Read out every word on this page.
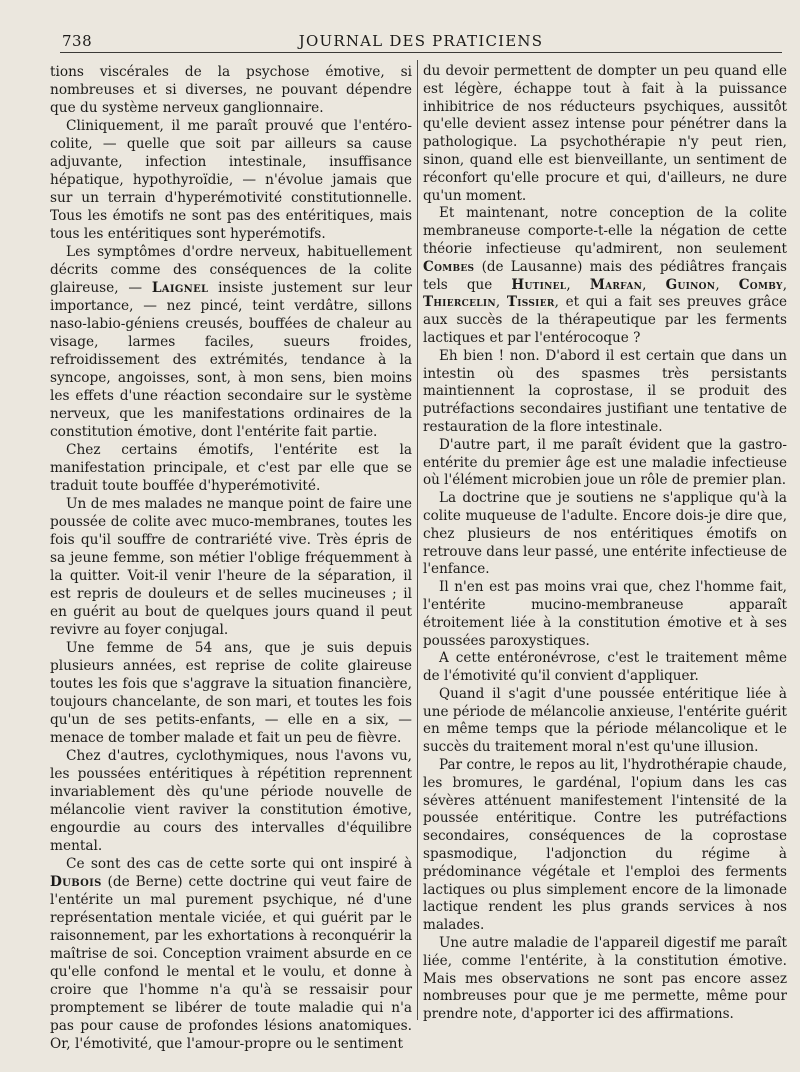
738	JOURNAL DES PRATICIENS

tions viscérales de la psychose émotive, si nombreuses et si diverses, ne pouvant dépendre que du système nerveux ganglionnaire.

Cliniquement, il me paraît prouvé que l'entéro-colite, — quelle que soit par ailleurs sa cause adjuvante, infection intestinale, insuffisance hépatique, hypothyroïdie, — n'évolue jamais que sur un terrain d'hyperémotivité constitutionnelle. Tous les émotifs ne sont pas des entéritiques, mais tous les entéritiques sont hyperémotifs.

Les symptômes d'ordre nerveux, habituellement décrits comme des conséquences de la colite glaireuse, — Laignel insiste justement sur leur importance, — nez pincé, teint verdâtre, sillons naso-labio-géniens creusés, bouffées de chaleur au visage, larmes faciles, sueurs froides, refroidissement des extrémités, tendance à la syncope, angoisses, sont, à mon sens, bien moins les effets d'une réaction secondaire sur le système nerveux, que les manifestations ordinaires de la constitution émotive, dont l'entérite fait partie.

Chez certains émotifs, l'entérite est la manifestation principale, et c'est par elle que se traduit toute bouffée d'hyperémotivité.

Un de mes malades ne manque point de faire une poussée de colite avec muco-membranes, toutes les fois qu'il souffre de contrariété vive. Très épris de sa jeune femme, son métier l'oblige fréquemment à la quitter. Voit-il venir l'heure de la séparation, il est repris de douleurs et de selles mucineuses ; il en guérit au bout de quelques jours quand il peut revivre au foyer conjugal.

Une femme de 54 ans, que je suis depuis plusieurs années, est reprise de colite glaireuse toutes les fois que s'aggrave la situation financière, toujours chancelante, de son mari, et toutes les fois qu'un de ses petits-enfants, — elle en a six, — menace de tomber malade et fait un peu de fièvre.

Chez d'autres, cyclothymiques, nous l'avons vu, les poussées entéritiques à répétition reprennent invariablement dès qu'une période nouvelle de mélancolie vient raviver la constitution émotive, engourdie au cours des intervalles d'équilibre mental.

Ce sont des cas de cette sorte qui ont inspiré à Dubois (de Berne) cette doctrine qui veut faire de l'entérite un mal purement psychique, né d'une représentation mentale viciée, et qui guérit par le raisonnement, par les exhortations à reconquérir la maîtrise de soi. Conception vraiment absurde en ce qu'elle confond le mental et le voulu, et donne à croire que l'homme n'a qu'à se ressaisir pour promptement se libérer de toute maladie qui n'a pas pour cause de profondes lésions anatomiques. Or, l'émotivité, que l'amour-propre ou le sentiment

du devoir permettent de dompter un peu quand elle est légère, échappe tout à fait à la puissance inhibitrice de nos réducteurs psychiques, aussitôt qu'elle devient assez intense pour pénétrer dans la pathologique. La psychothérapie n'y peut rien, sinon, quand elle est bienveillante, un sentiment de réconfort qu'elle procure et qui, d'ailleurs, ne dure qu'un moment.

Et maintenant, notre conception de la colite membraneuse comporte-t-elle la négation de cette théorie infectieuse qu'admirent, non seulement Combes (de Lausanne) mais des pédiâtres français tels que Hutinel, Marfan, Guinon, Comby, Thiercelin, Tissier, et qui a fait ses preuves grâce aux succès de la thérapeutique par les ferments lactiques et par l'entérocoque ?

Eh bien ! non. D'abord il est certain que dans un intestin où des spasmes très persistants maintiennent la coprostase, il se produit des putréfactions secondaires justifiant une tentative de restauration de la flore intestinale.

D'autre part, il me paraît évident que la gastro-entérite du premier âge est une maladie infectieuse où l'élément microbien joue un rôle de premier plan.

La doctrine que je soutiens ne s'applique qu'à la colite muqueuse de l'adulte. Encore dois-je dire que, chez plusieurs de nos entéritiques émotifs on retrouve dans leur passé, une entérite infectieuse de l'enfance.

Il n'en est pas moins vrai que, chez l'homme fait, l'entérite mucino-membraneuse apparaît étroitement liée à la constitution émotive et à ses poussées paroxystiques.

A cette entéronévrose, c'est le traitement même de l'émotivité qu'il convient d'appliquer.

Quand il s'agit d'une poussée entéritique liée à une période de mélancolie anxieuse, l'entérite guérit en même temps que la période mélancolique et le succès du traitement moral n'est qu'une illusion.

Par contre, le repos au lit, l'hydrothérapie chaude, les bromures, le gardénal, l'opium dans les cas sévères atténuent manifestement l'intensité de la poussée entéritique. Contre les putréfactions secondaires, conséquences de la coprostase spasmodique, l'adjonction du régime à prédominance végétale et l'emploi des ferments lactiques ou plus simplement encore de la limonade lactique rendent les plus grands services à nos malades.

Une autre maladie de l'appareil digestif me paraît liée, comme l'entérite, à la constitution émotive. Mais mes observations ne sont pas encore assez nombreuses pour que je me permette, même pour prendre note, d'apporter ici des affirmations.
